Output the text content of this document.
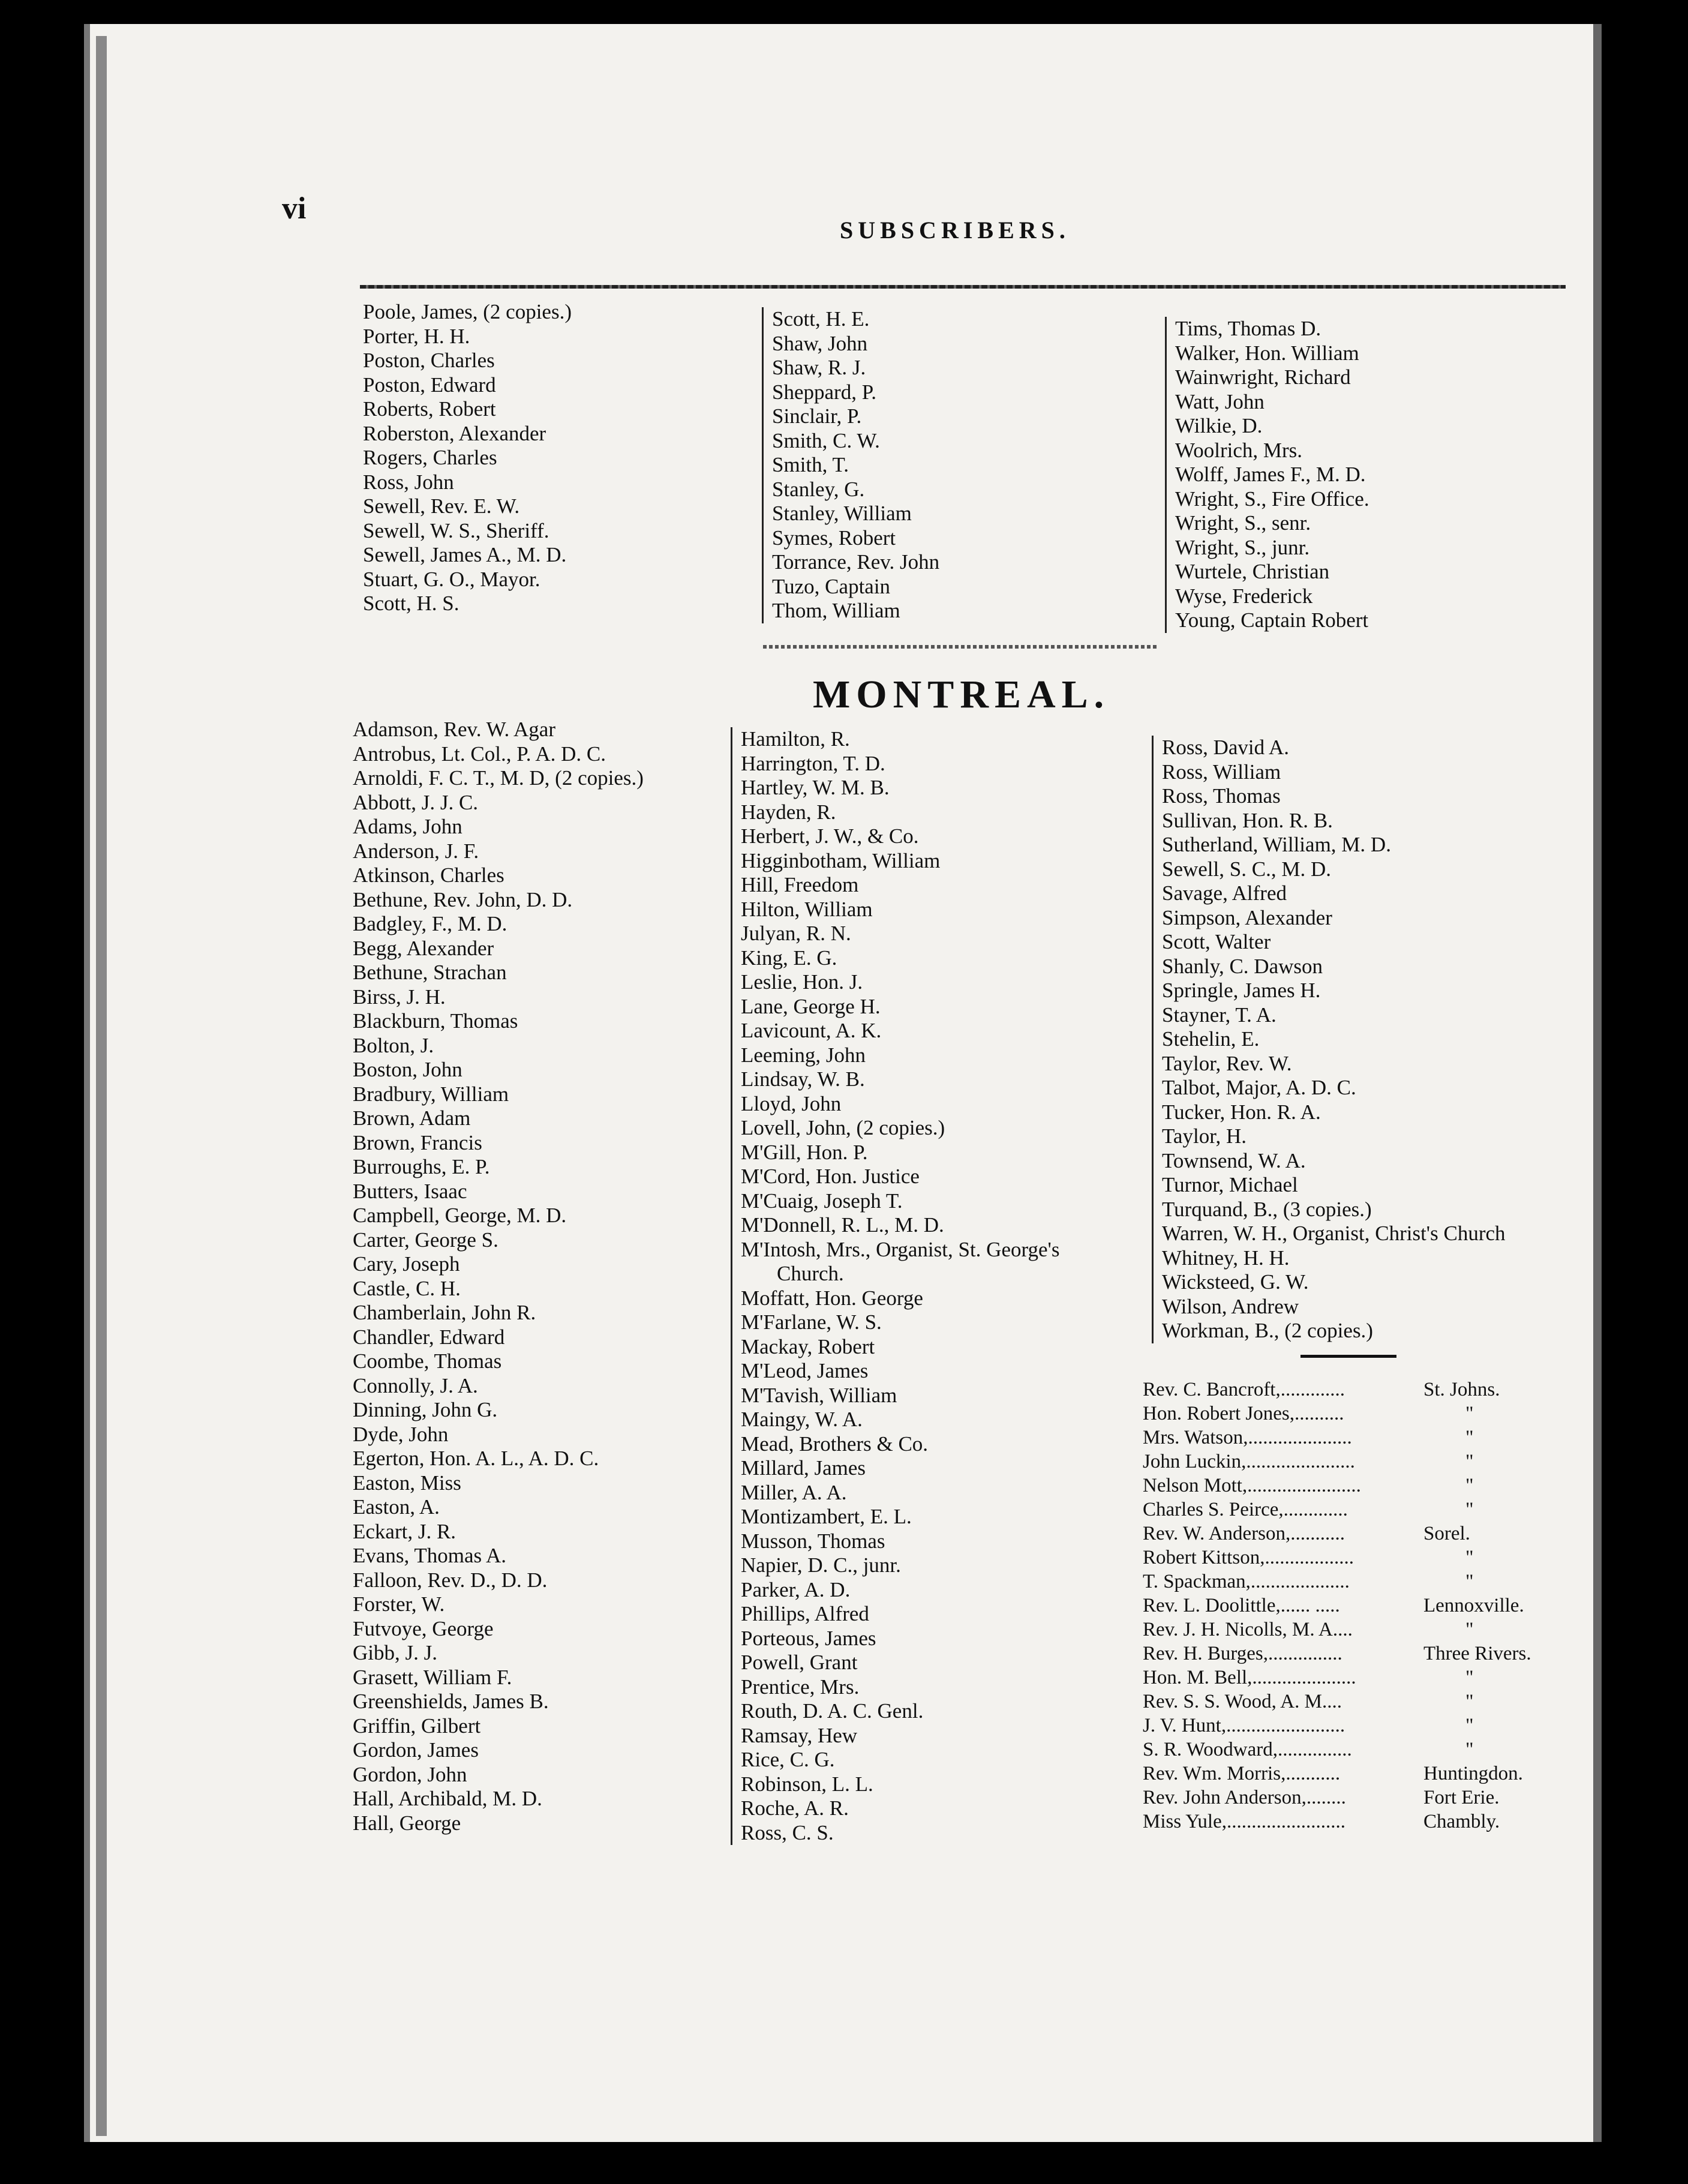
vi
SUBSCRIBERS.
Poole, James, (2 copies.)
Porter, H. H.
Poston, Charles
Poston, Edward
Roberts, Robert
Roberston, Alexander
Rogers, Charles
Ross, John
Sewell, Rev. E. W.
Sewell, W. S., Sheriff.
Sewell, James A., M. D.
Stuart, G. O., Mayor.
Scott, H. S.
Scott, H. E.
Shaw, John
Shaw, R. J.
Sheppard, P.
Sinclair, P.
Smith, C. W.
Smith, T.
Stanley, G.
Stanley, William
Symes, Robert
Torrance, Rev. John
Tuzo, Captain
Thom, William
Tims, Thomas D.
Walker, Hon. William
Wainwright, Richard
Watt, John
Wilkie, D.
Woolrich, Mrs.
Wolff, James F., M. D.
Wright, S., Fire Office.
Wright, S., senr.
Wright, S., junr.
Wurtele, Christian
Wyse, Frederick
Young, Captain Robert
MONTREAL.
Adamson, Rev. W. Agar
Antrobus, Lt. Col., P. A. D. C.
Arnoldi, F. C. T., M. D, (2 copies.)
Abbott, J. J. C.
Adams, John
Anderson, J. F.
Atkinson, Charles
Bethune, Rev. John, D. D.
Badgley, F., M. D.
Begg, Alexander
Bethune, Strachan
Birss, J. H.
Blackburn, Thomas
Bolton, J.
Boston, John
Bradbury, William
Brown, Adam
Brown, Francis
Burroughs, E. P.
Butters, Isaac
Campbell, George, M. D.
Carter, George S.
Cary, Joseph
Castle, C. H.
Chamberlain, John R.
Chandler, Edward
Coombe, Thomas
Connolly, J. A.
Dinning, John G.
Dyde, John
Egerton, Hon. A. L., A. D. C.
Easton, Miss
Easton, A.
Eckart, J. R.
Evans, Thomas A.
Falloon, Rev. D., D. D.
Forster, W.
Futvoye, George
Gibb, J. J.
Grasett, William F.
Greenshields, James B.
Griffin, Gilbert
Gordon, James
Gordon, John
Hall, Archibald, M. D.
Hall, George
Hamilton, R.
Harrington, T. D.
Hartley, W. M. B.
Hayden, R.
Herbert, J. W., & Co.
Higginbotham, William
Hill, Freedom
Hilton, William
Julyan, R. N.
King, E. G.
Leslie, Hon. J.
Lane, George H.
Lavicount, A. K.
Leeming, John
Lindsay, W. B.
Lloyd, John
Lovell, John, (2 copies.)
M'Gill, Hon. P.
M'Cord, Hon. Justice
M'Cuaig, Joseph T.
M'Donnell, R. L., M. D.
M'Intosh, Mrs., Organist, St. George's
Church.
Moffatt, Hon. George
M'Farlane, W. S.
Mackay, Robert
M'Leod, James
M'Tavish, William
Maingy, W. A.
Mead, Brothers & Co.
Millard, James
Miller, A. A.
Montizambert, E. L.
Musson, Thomas
Napier, D. C., junr.
Parker, A. D.
Phillips, Alfred
Porteous, James
Powell, Grant
Prentice, Mrs.
Routh, D. A. C. Genl.
Ramsay, Hew
Rice, C. G.
Robinson, L. L.
Roche, A. R.
Ross, C. S.
Ross, David A.
Ross, William
Ross, Thomas
Sullivan, Hon. R. B.
Sutherland, William, M. D.
Sewell, S. C., M. D.
Savage, Alfred
Simpson, Alexander
Scott, Walter
Shanly, C. Dawson
Springle, James H.
Stayner, T. A.
Stehelin, E.
Taylor, Rev. W.
Talbot, Major, A. D. C.
Tucker, Hon. R. A.
Taylor, H.
Townsend, W. A.
Turnor, Michael
Turquand, B., (3 copies.)
Warren, W. H., Organist, Christ's Church
Whitney, H. H.
Wicksteed, G. W.
Wilson, Andrew
Workman, B., (2 copies.)
Rev. C. Bancroft,.............	St. Johns.
Hon. Robert Jones,..........	"
Mrs. Watson,.....................	"
John Luckin,......................	"
Nelson Mott,.......................	"
Charles S. Peirce,.............	"
Rev. W. Anderson,...........	Sorel.
Robert Kittson,..................	"
T. Spackman,....................	"
Rev. L. Doolittle,...... .....	Lennoxville.
Rev. J. H. Nicolls, M. A....	"
Rev. H. Burges,...............	Three Rivers.
Hon. M. Bell,.....................	"
Rev. S. S. Wood, A. M....	"
J. V. Hunt,........................	"
S. R. Woodward,...............	"
Rev. Wm. Morris,...........	Huntingdon.
Rev. John Anderson,........	Fort Erie.
Miss Yule,........................	Chambly.
